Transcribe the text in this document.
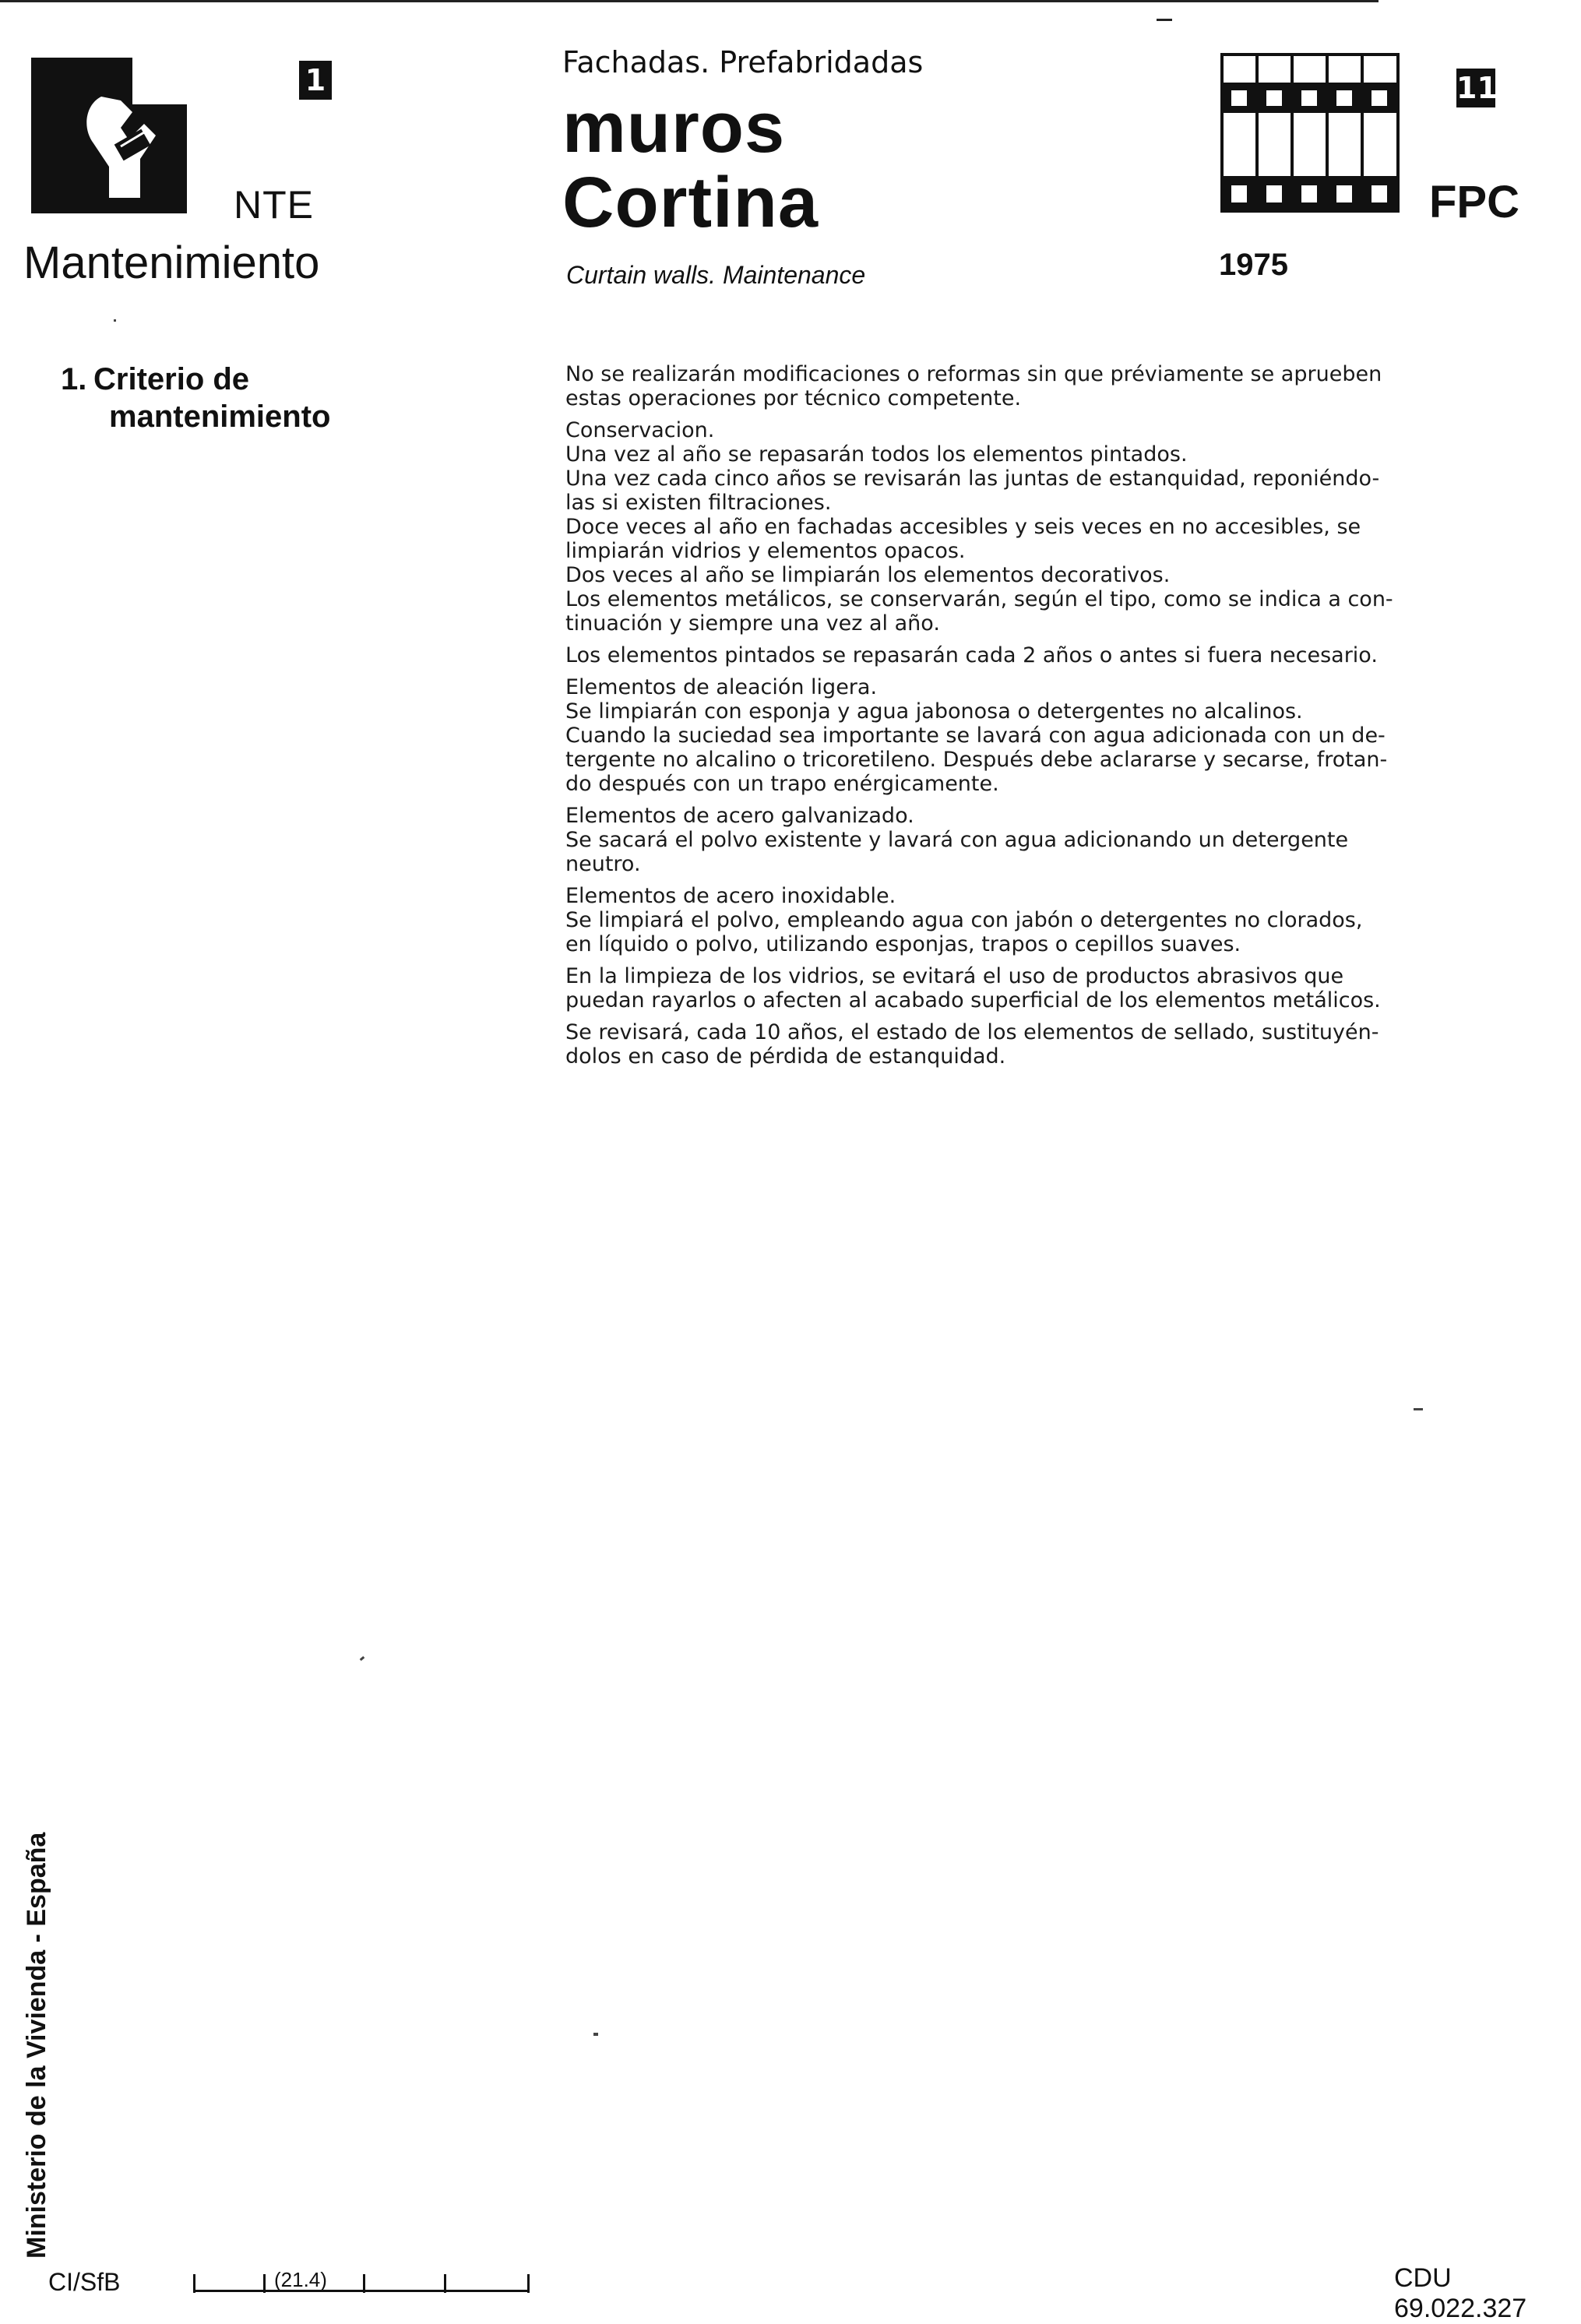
1
NTE
Mantenimiento
Fachadas. Prefabridadas
muros
Cortina
Curtain walls. Maintenance	1975
11
FPC
1. Criterio de
mantenimiento

No se realizarán modificaciones o reformas sin que préviamente se aprueben
estas operaciones por técnico competente.

Conservacion.
Una vez al año se repasarán todos los elementos pintados.
Una vez cada cinco años se revisarán las juntas de estanquidad, reponiéndo-
las si existen filtraciones.
Doce veces al año en fachadas accesibles y seis veces en no accesibles, se
limpiarán vidrios y elementos opacos.
Dos veces al año se limpiarán los elementos decorativos.
Los elementos metálicos, se conservarán, según el tipo, como se indica a con-
tinuación y siempre una vez al año.

Los elementos pintados se repasarán cada 2 años o antes si fuera necesario.

Elementos de aleación ligera.
Se limpiarán con esponja y agua jabonosa o detergentes no alcalinos.
Cuando la suciedad sea importante se lavará con agua adicionada con un de-
tergente no alcalino o tricoretileno. Después debe aclararse y secarse, frotan-
do después con un trapo enérgicamente.

Elementos de acero galvanizado.
Se sacará el polvo existente y lavará con agua adicionando un detergente
neutro.

Elementos de acero inoxidable.
Se limpiará el polvo, empleando agua con jabón o detergentes no clorados,
en líquido o polvo, utilizando esponjas, trapos o cepillos suaves.

En la limpieza de los vidrios, se evitará el uso de productos abrasivos que
puedan rayarlos o afecten al acabado superficial de los elementos metálicos.

Se revisará, cada 10 años, el estado de los elementos de sellado, sustituyén-
dolos en caso de pérdida de estanquidad.

Ministerio de la Vivienda - España
CI/SfB	(21.4)	CDU 69.022.327
